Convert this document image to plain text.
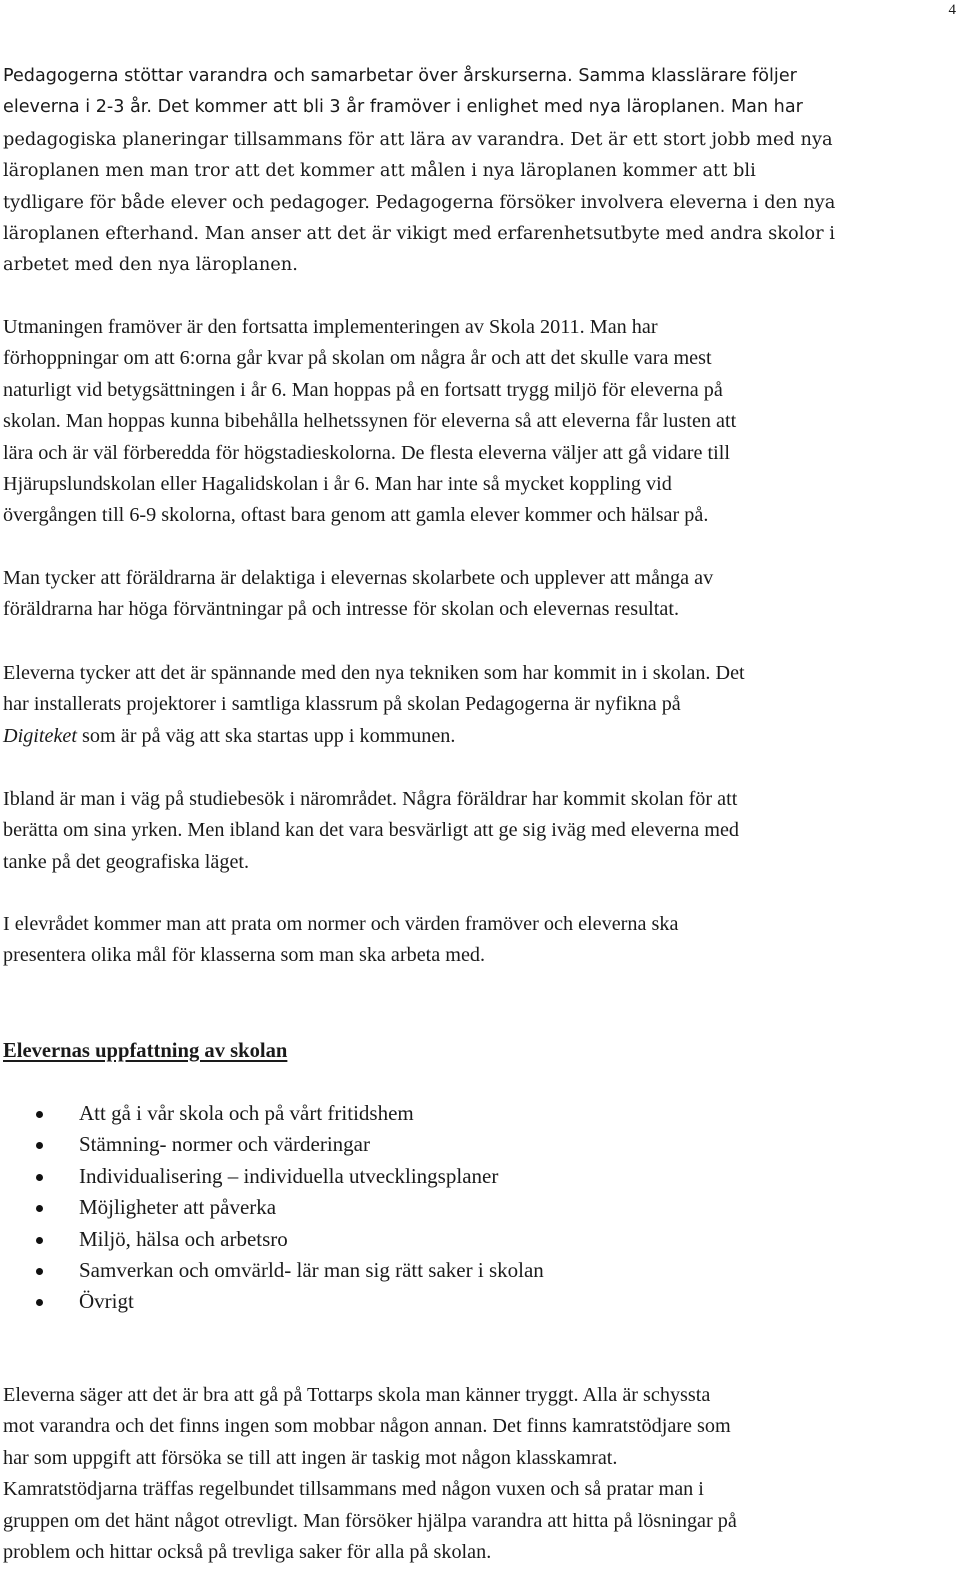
4
Pedagogerna stöttar varandra och samarbetar över årskurserna. Samma klasslärare följer
eleverna i 2-3 år. Det kommer att bli 3 år framöver i enlighet med nya läroplanen. Man har
pedagogiska planeringar tillsammans för att lära av varandra. Det är ett stort jobb med nya
läroplanen men man tror att det kommer att målen i nya läroplanen kommer att bli
tydligare för både elever och pedagoger. Pedagogerna försöker involvera eleverna i den nya
läroplanen efterhand. Man anser att det är vikigt med erfarenhetsutbyte med andra skolor i
arbetet med den nya läroplanen.
Utmaningen framöver är den fortsatta implementeringen av Skola 2011. Man har
förhoppningar om att 6:orna går kvar på skolan om några år och att det skulle vara mest
naturligt vid betygsättningen i år 6. Man hoppas på en fortsatt trygg miljö för eleverna på
skolan. Man hoppas kunna bibehålla helhetssynen för eleverna så att eleverna får lusten att
lära och är väl förberedda för högstadieskolorna. De flesta eleverna väljer att gå vidare till
Hjärupslundskolan eller Hagalidskolan i år 6. Man har inte så mycket koppling vid
övergången till 6-9 skolorna, oftast bara genom att gamla elever kommer och hälsar på.
Man tycker att föräldrarna är delaktiga i elevernas skolarbete och upplever att många av
föräldrarna har höga förväntningar på och intresse för skolan och elevernas resultat.
Eleverna tycker att det är spännande med den nya tekniken som har kommit in i skolan. Det
har installerats projektorer i samtliga klassrum på skolan Pedagogerna är nyfikna på
Digiteket som är på väg att ska startas upp i kommunen.
Ibland är man i väg på studiebesök i närområdet. Några föräldrar har kommit skolan för att
berätta om sina yrken. Men ibland kan det vara besvärligt att ge sig iväg med eleverna med
tanke på det geografiska läget.
I elevrådet kommer man att prata om normer och värden framöver och eleverna ska
presentera olika mål för klasserna som man ska arbeta med.
Elevernas uppfattning av skolan
Att gå i vår skola och på vårt fritidshem
Stämning- normer och värderingar
Individualisering – individuella utvecklingsplaner
Möjligheter att påverka
Miljö, hälsa och arbetsro
Samverkan och omvärld- lär man sig rätt saker i skolan
Övrigt
Eleverna säger att det är bra att gå på Tottarps skola man känner tryggt. Alla är schyssta
mot varandra och det finns ingen som mobbar någon annan. Det finns kamratstödjare som
har som uppgift att försöka se till att ingen är taskig mot någon klasskamrat.
Kamratstödjarna träffas regelbundet tillsammans med någon vuxen och så pratar man i
gruppen om det hänt något otrevligt. Man försöker hjälpa varandra att hitta på lösningar på
problem och hittar också på trevliga saker för alla på skolan.
